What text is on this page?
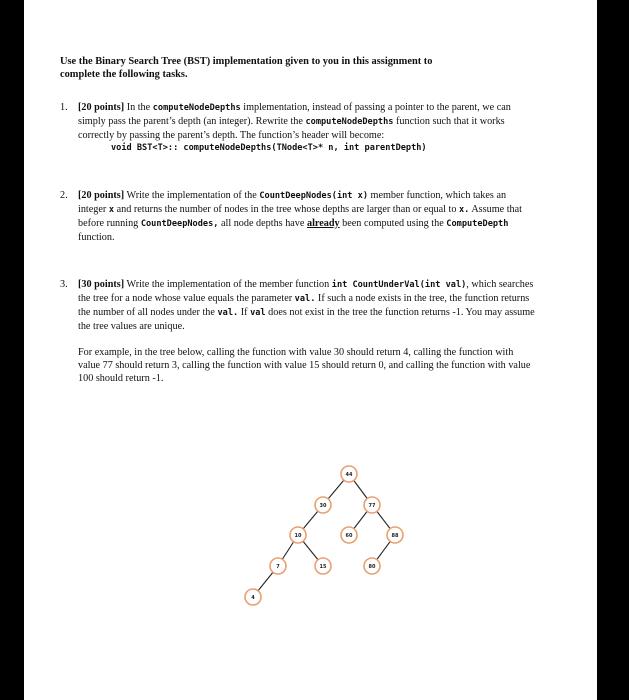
Use the Binary Search Tree (BST) implementation given to you in this assignment to
complete the following tasks.
1. [20 points] In the computeNodeDepths implementation, instead of passing a pointer to the parent, we can simply pass the parent’s depth (an integer). Rewrite the computeNodeDepths function such that it works correctly by passing the parent’s depth. The function’s header will become:

void BST<T>:: computeNodeDepths(TNode<T>* n, int parentDepth)
2. [20 points] Write the implementation of the CountDeepNodes(int x) member function, which takes an integer x and returns the number of nodes in the tree whose depths are larger than or equal to x. Assume that before running CountDeepNodes, all node depths have already been computed using the ComputeDepth function.

3. [30 points] Write the implementation of the member function int CountUnderVal(int val), which searches the tree for a node whose value equals the parameter val. If such a node exists in the tree, the function returns the number of all nodes under the val. If val does not exist in the tree the function returns -1. You may assume the tree values are unique.

For example, in the tree below, calling the function with value 30 should return 4, calling the function with value 77 should return 3, calling the function with value 15 should return 0, and calling the function with value 100 should return -1.

44
30	77
10	60	88
7	15	80
4
